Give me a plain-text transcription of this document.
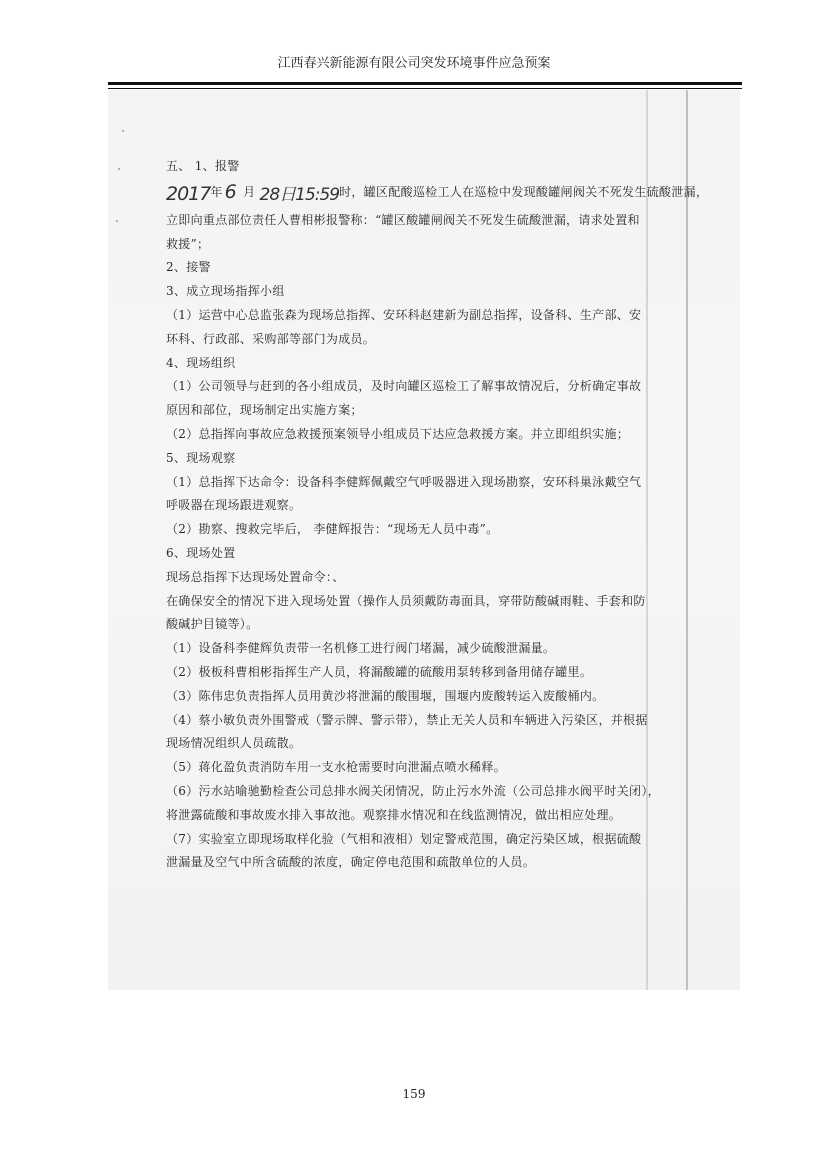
江西春兴新能源有限公司突发环境事件应急预案

五、 1、报警

2017年 6 月 28日15:59时，罐区配酸巡检工人在巡检中发现酸罐闸阀关不死发生硫酸泄漏，

立即向重点部位责任人曹相彬报警称：“罐区酸罐闸阀关不死发生硫酸泄漏，请求处置和

救援”；

2、接警

3、成立现场指挥小组

（1）运营中心总监张森为现场总指挥、安环科赵建新为副总指挥，设备科、生产部、安

环科、行政部、采购部等部门为成员。

4、现场组织

（1）公司领导与赶到的各小组成员，及时向罐区巡检工了解事故情况后，分析确定事故

原因和部位，现场制定出实施方案；

（2）总指挥向事故应急救援预案领导小组成员下达应急救援方案。并立即组织实施；

5、现场观察

（1）总指挥下达命令：设备科李健辉佩戴空气呼吸器进入现场勘察，安环科巢泳戴空气

呼吸器在现场跟进观察。

（2）勘察、搜救完毕后， 李健辉报告：“现场无人员中毒”。

6、现场处置

现场总指挥下达现场处置命令：、

在确保安全的情况下进入现场处置（操作人员须戴防毒面具，穿带防酸碱雨鞋、手套和防

酸碱护目镜等）。

（1）设备科李健辉负责带一名机修工进行阀门堵漏，减少硫酸泄漏量。

（2）极板科曹相彬指挥生产人员，将漏酸罐的硫酸用泵转移到备用储存罐里。

（3）陈伟忠负责指挥人员用黄沙将泄漏的酸围堰，围堰内废酸转运入废酸桶内。

（4）蔡小敏负责外围警戒（警示牌、警示带），禁止无关人员和车辆进入污染区，并根据

现场情况组织人员疏散。

（5）蒋化盈负责消防车用一支水枪需要时向泄漏点喷水稀释。

（6）污水站喻驰勤检查公司总排水阀关闭情况，防止污水外流（公司总排水阀平时关闭），

将泄露硫酸和事故废水排入事故池。观察排水情况和在线监测情况，做出相应处理。

（7）实验室立即现场取样化验（气相和液相）划定警戒范围，确定污染区域，根据硫酸

泄漏量及空气中所含硫酸的浓度，确定停电范围和疏散单位的人员。

159
